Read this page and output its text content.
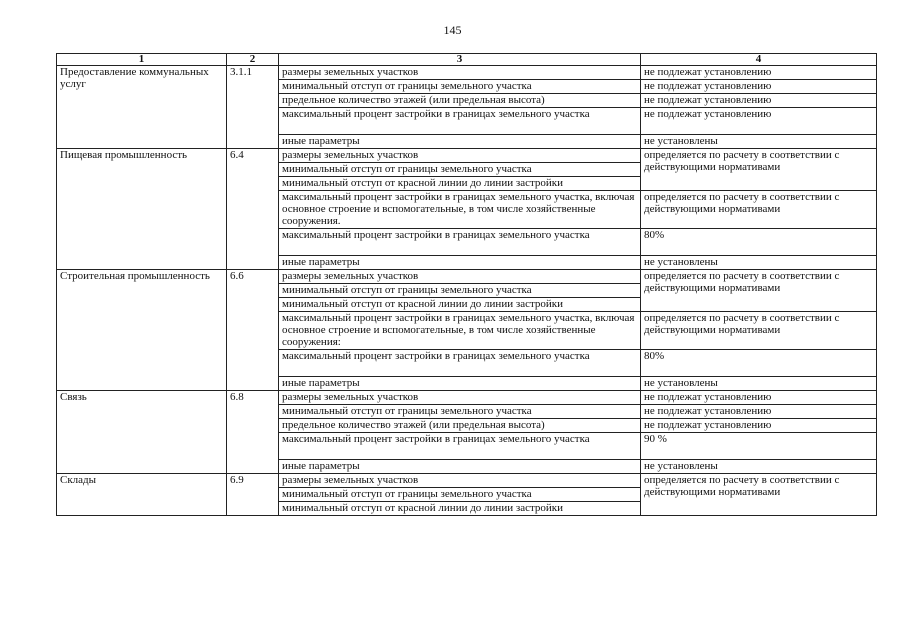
145
1	2	3	4
Предоставление коммунальных услуг	3.1.1	размеры земельных участков	не подлежат установлению
		минимальный отступ от границы земельного участка	не подлежат установлению
		предельное количество этажей (или предельная высота)	не подлежат установлению
		максимальный процент застройки в границах земельного участка	не подлежат установлению
		иные параметры	не установлены
Пищевая промышленность	6.4	размеры земельных участков	определяется по расчету в соответствии с действующими нормативами
		минимальный отступ от границы земельного участка	
		минимальный отступ от красной линии до линии застройки	
		максимальный процент застройки в границах земельного участка, включая основное строение и вспомогательные, в том числе хозяйственные сооружения.	определяется по расчету в соответствии с действующими нормативами
		максимальный процент застройки в границах земельного участка	80%
		иные параметры	не установлены
Строительная промышленность	6.6	размеры земельных участков	определяется по расчету в соответствии с действующими нормативами
		минимальный отступ от границы земельного участка	
		минимальный отступ от красной линии до линии застройки	
		максимальный процент застройки в границах земельного участка, включая основное строение и вспомогательные, в том числе хозяйственные сооружения:	определяется по расчету в соответствии с действующими нормативами
		максимальный процент застройки в границах земельного участка	80%
		иные параметры	не установлены
Связь	6.8	размеры земельных участков	не подлежат установлению
		минимальный отступ от границы земельного участка	не подлежат установлению
		предельное количество этажей (или предельная высота)	не подлежат установлению
		максимальный процент застройки в границах земельного участка	90 %
		иные параметры	не установлены
Склады	6.9	размеры земельных участков	определяется по расчету в соответствии с действующими нормативами
		минимальный отступ от границы земельного участка	
		минимальный отступ от красной линии до линии застройки	
